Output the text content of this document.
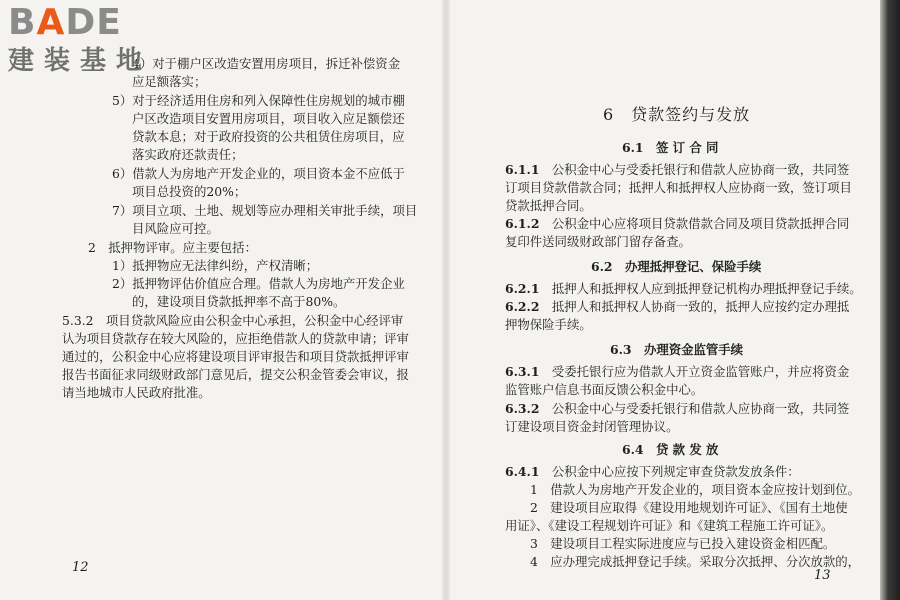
4）对于棚户区改造安置用房项目，拆迁补偿资金
应足额落实；
5）对于经济适用住房和列入保障性住房规划的城市棚
户区改造项目安置用房项目，项目收入应足额偿还
贷款本息；对于政府投资的公共租赁住房项目，应
落实政府还款责任；
6）借款人为房地产开发企业的，项目资本金不应低于
项目总投资的20%；
7）项目立项、土地、规划等应办理相关审批手续，项目
目风险应可控。
2　抵押物评审。应主要包括：
1）抵押物应无法律纠纷，产权清晰；
2）抵押物评估价值应合理。借款人为房地产开发企业
的，建设项目贷款抵押率不高于80%。
5.3.2　项目贷款风险应由公积金中心承担，公积金中心经评审
认为项目贷款存在较大风险的，应拒绝借款人的贷款申请；评审
通过的，公积金中心应将建设项目评审报告和项目贷款抵押评审
报告书面征求同级财政部门意见后，提交公积金管委会审议，报
请当地城市人民政府批准。
12
BADE
建装基地
6　贷款签约与发放
6.1　签 订 合 同
6.1.1　 公积金中心与受委托银行和借款人应协商一致，共同签
订项目贷款借款合同；抵押人和抵押权人应协商一致，签订项目
贷款抵押合同。
6.1.2　 公积金中心应将项目贷款借款合同及项目贷款抵押合同
复印件送同级财政部门留存备查。
6.2　办理抵押登记、保险手续
6.2.1　 抵押人和抵押权人应到抵押登记机构办理抵押登记手续。
6.2.2　 抵押人和抵押权人协商一致的，抵押人应按约定办理抵
押物保险手续。
6.3　办理资金监管手续
6.3.1　 受委托银行应为借款人开立资金监管账户，并应将资金
监管账户信息书面反馈公积金中心。
6.3.2　 公积金中心与受委托银行和借款人应协商一致，共同签
订建设项目资金封闭管理协议。
6.4　贷 款 发 放
6.4.1　 公积金中心应按下列规定审查贷款发放条件：
1　借款人为房地产开发企业的，项目资本金应按计划到位。
2　建设项目应取得《建设用地规划许可证》、《国有土地使
用证》、《建设工程规划许可证》和《建筑工程施工许可证》。
3　建设项目工程实际进度应与已投入建设资金相匹配。
4　应办理完成抵押登记手续。采取分次抵押、分次放款的，
13
